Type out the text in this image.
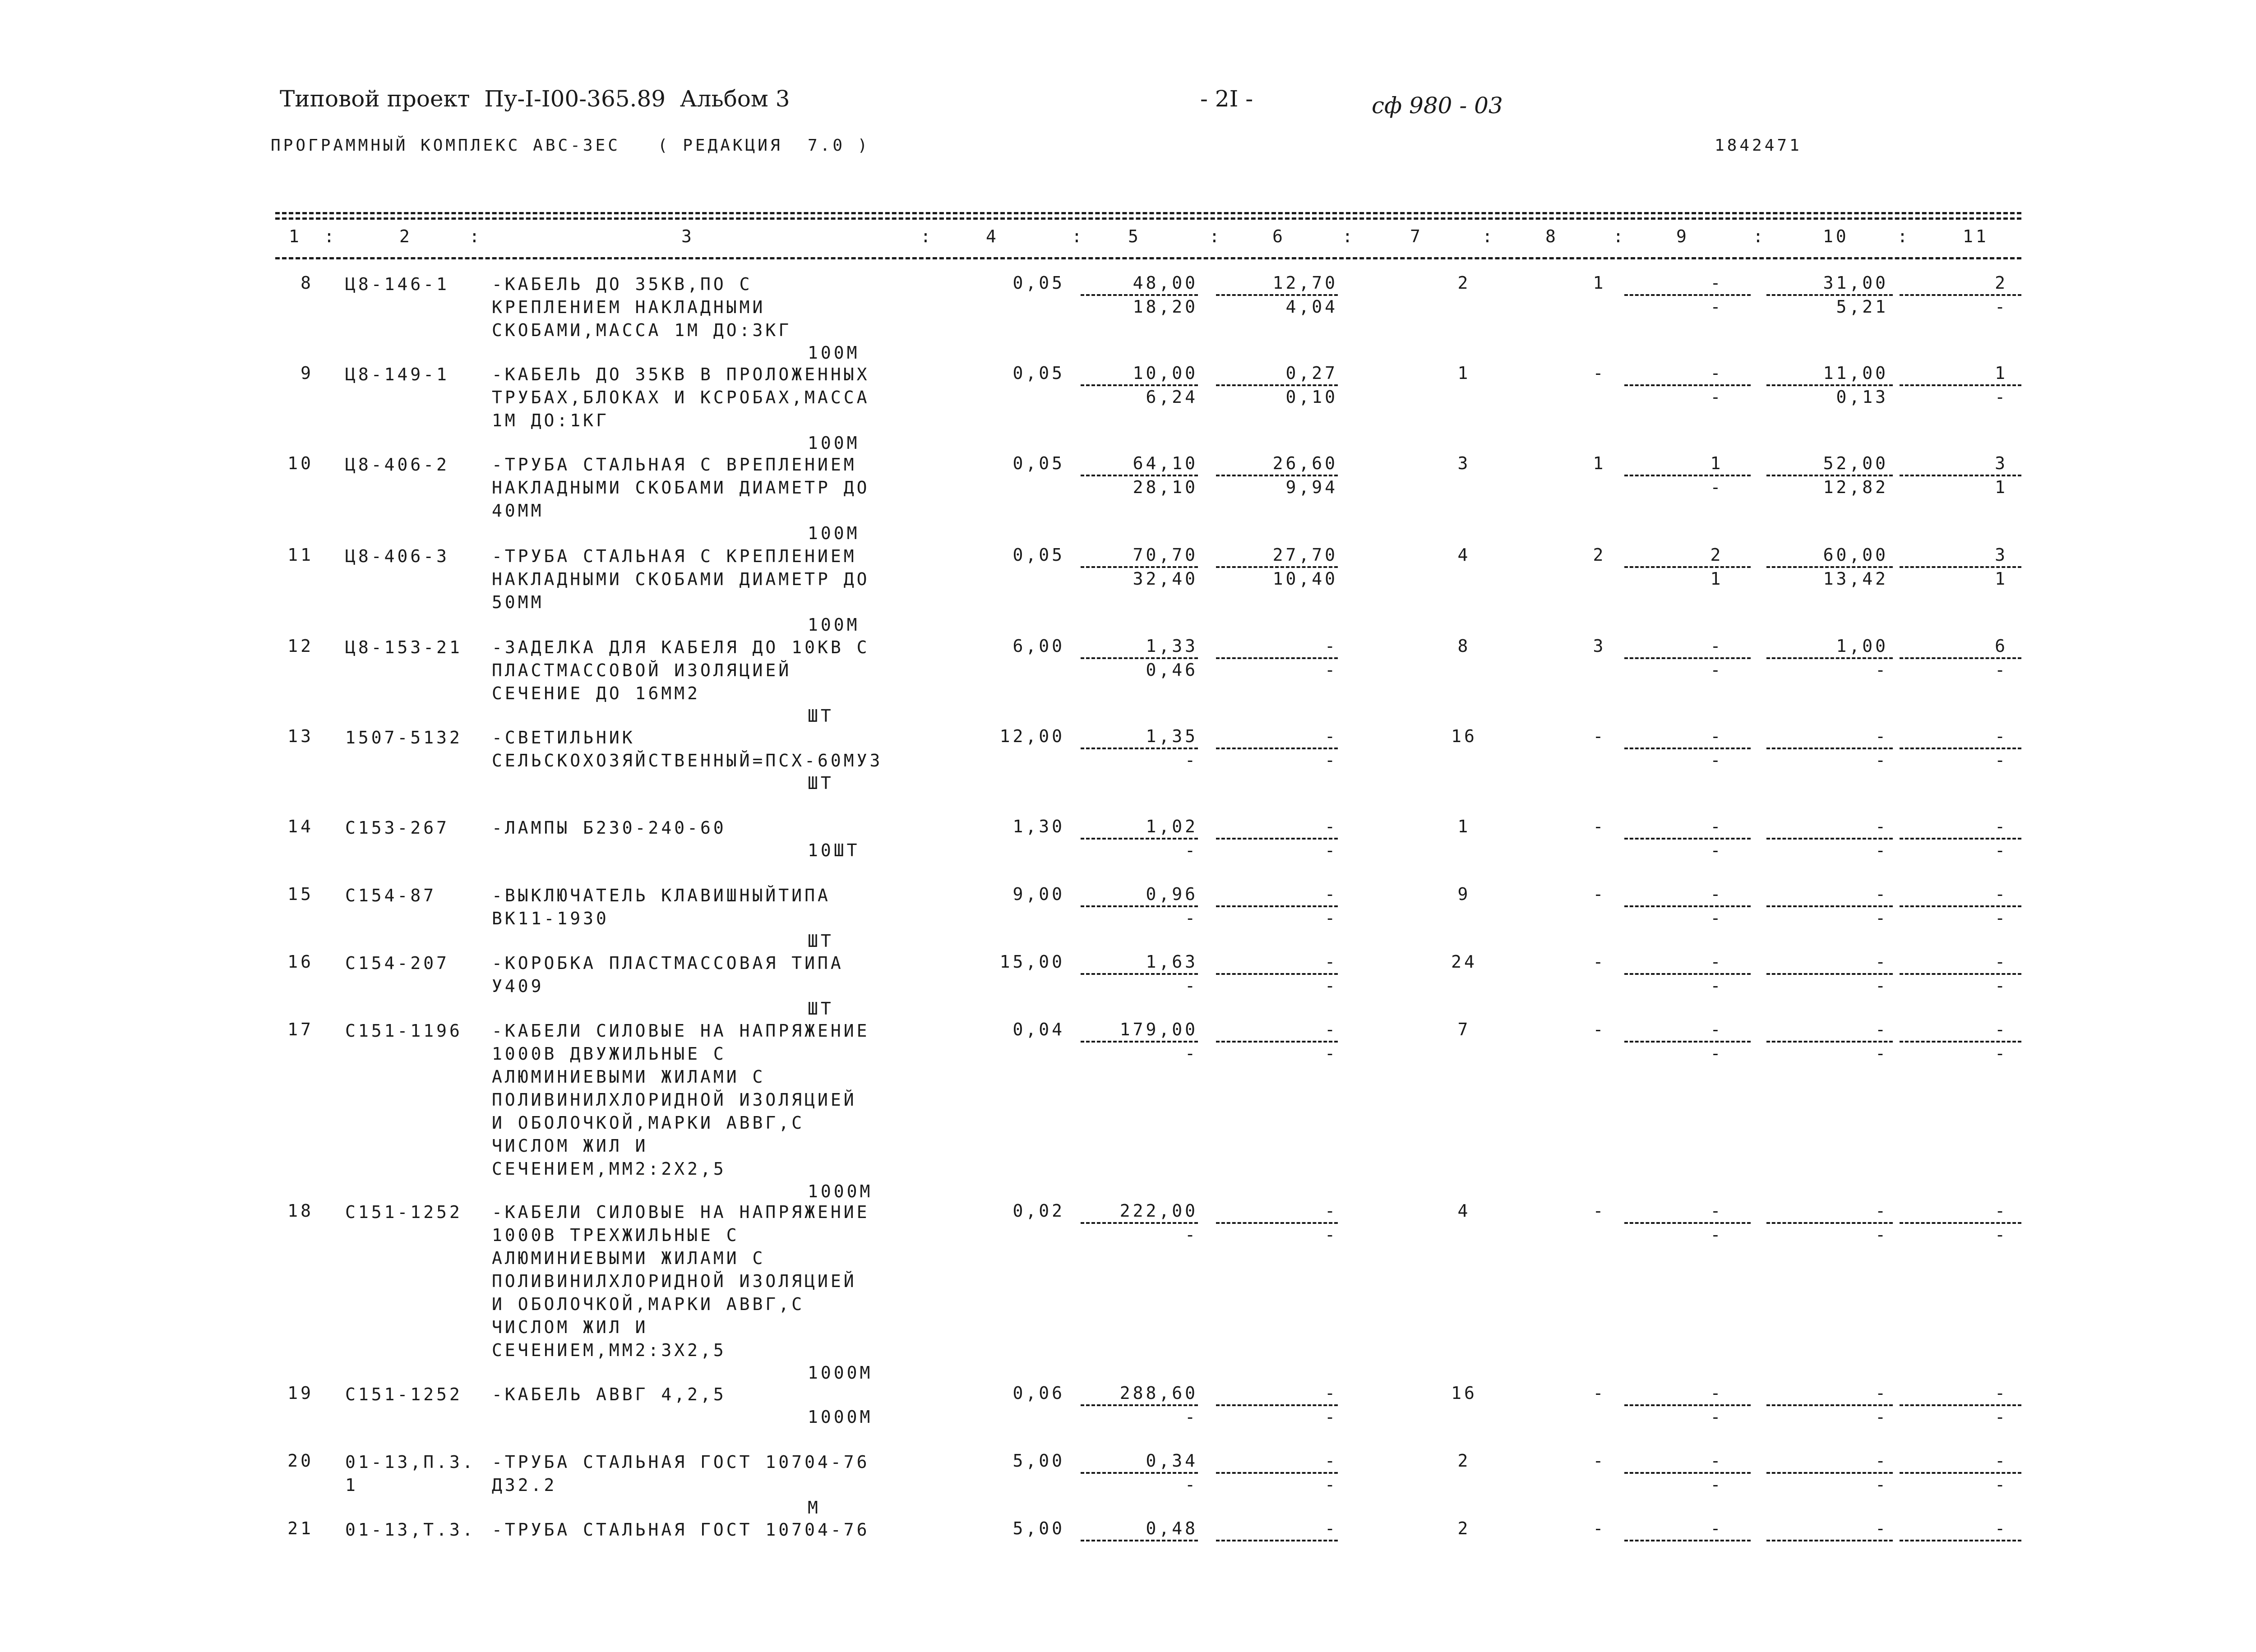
Типовой проект  Пу-I-I00-365.89  Альбом 3	- 2I -	сф 980 - 03
ПРОГРАММНЫЙ КОМПЛЕКС АВС-ЗЕС   ( РЕДАКЦИЯ  7.0 )	1842471
1	2	3	4	5	6	7	8	9	10	11
:	:	:	:	:	:	:	:	:	:
8 Ц8-146-1 -КАБЕЛЬ ДО 35КВ,ПО С
КРЕПЛЕНИЕМ НАКЛАДНЫМИ
СКОБАМИ,МАССА 1М ДО:3КГ
100М
0,05	48,00	12,70	2	1	-	31,00	2
18,20	4,04	-	5,21	-
9 Ц8-149-1 -КАБЕЛЬ ДО 35КВ В ПРОЛОЖЕННЫХ
ТРУБАХ,БЛОКАХ И КСРОБАХ,МАССА
1М ДО:1КГ
100М
0,05	10,00	0,27	1	-	-	11,00	1
6,24	0,10	-	0,13	-
10 Ц8-406-2 -ТРУБА СТАЛЬНАЯ С ВРЕПЛЕНИЕМ
НАКЛАДНЫМИ СКОБАМИ ДИАМЕТР ДО
40ММ
100М
0,05	64,10	26,60	3	1	1	52,00	3
28,10	9,94	-	12,82	1
11 Ц8-406-3 -ТРУБА СТАЛЬНАЯ С КРЕПЛЕНИЕМ
НАКЛАДНЫМИ СКОБАМИ ДИАМЕТР ДО
50ММ
100М
0,05	70,70	27,70	4	2	2	60,00	3
32,40	10,40	1	13,42	1
12 Ц8-153-21 -ЗАДЕЛКА ДЛЯ КАБЕЛЯ ДО 10КВ С
ПЛАСТМАССОВОЙ ИЗОЛЯЦИЕЙ
СЕЧЕНИЕ ДО 16ММ2
ШТ
6,00	1,33	-	8	3	-	1,00	6
0,46	-	-	-	-
13 1507-5132 -СВЕТИЛЬНИК
СЕЛЬСКОХОЗЯЙСТВЕННЫЙ=ПСХ-60МУЗ
ШТ
12,00	1,35	-	16	-	-	-	-
-	-	-	-	-
14 С153-267 -ЛАМПЫ Б230-240-60
10ШТ
1,30	1,02	-	1	-	-	-	-
-	-	-	-	-
15 С154-87	-ВЫКЛЮЧАТЕЛЬ КЛАВИШНЫЙТИПА
ВК11-1930
ШТ
9,00	0,96	-	9	-	-	-	-
-	-	-	-	-
16 С154-207 -КОРОБКА ПЛАСТМАССОВАЯ ТИПА
У409
ШТ
15,00	1,63	-	24	-	-	-	-
-	-	-	-	-
17 С151-1196 -КАБЕЛИ СИЛОВЫЕ НА НАПРЯЖЕНИЕ
1000В ДВУЖИЛЬНЫЕ С
АЛЮМИНИЕВЫМИ ЖИЛАМИ С
ПОЛИВИНИЛХЛОРИДНОЙ ИЗОЛЯЦИЕЙ
И ОБОЛОЧКОЙ,МАРКИ АВВГ,С
ЧИСЛОМ ЖИЛ И
СЕЧЕНИЕМ,ММ2:2Х2,5
1000М
0,04	179,00	-	7	-	-	-	-
-	-	-	-	-
18 С151-1252 -КАБЕЛИ СИЛОВЫЕ НА НАПРЯЖЕНИЕ
1000В ТРЕХЖИЛЬНЫЕ С
АЛЮМИНИЕВЫМИ ЖИЛАМИ С
ПОЛИВИНИЛХЛОРИДНОЙ ИЗОЛЯЦИЕЙ
И ОБОЛОЧКОЙ,МАРКИ АВВГ,С
ЧИСЛОМ ЖИЛ И
СЕЧЕНИЕМ,ММ2:3Х2,5
1000М
0,02	222,00	-	4	-	-	-	-
-	-	-	-	-
19 С151-1252 -КАБЕЛЬ АВВГ 4,2,5
1000М
0,06	288,60	-	16	-	-	-	-
-	-	-	-	-
20 01-13,П.3.
1
-ТРУБА СТАЛЬНАЯ ГОСТ 10704-76
Д32.2
М
5,00	0,34	-	2	-	-	-	-
-	-	-	-	-
21 01-13,Т.3. -ТРУБА СТАЛЬНАЯ ГОСТ 10704-76	5,00	0,48	-	2	-	-	-	-
